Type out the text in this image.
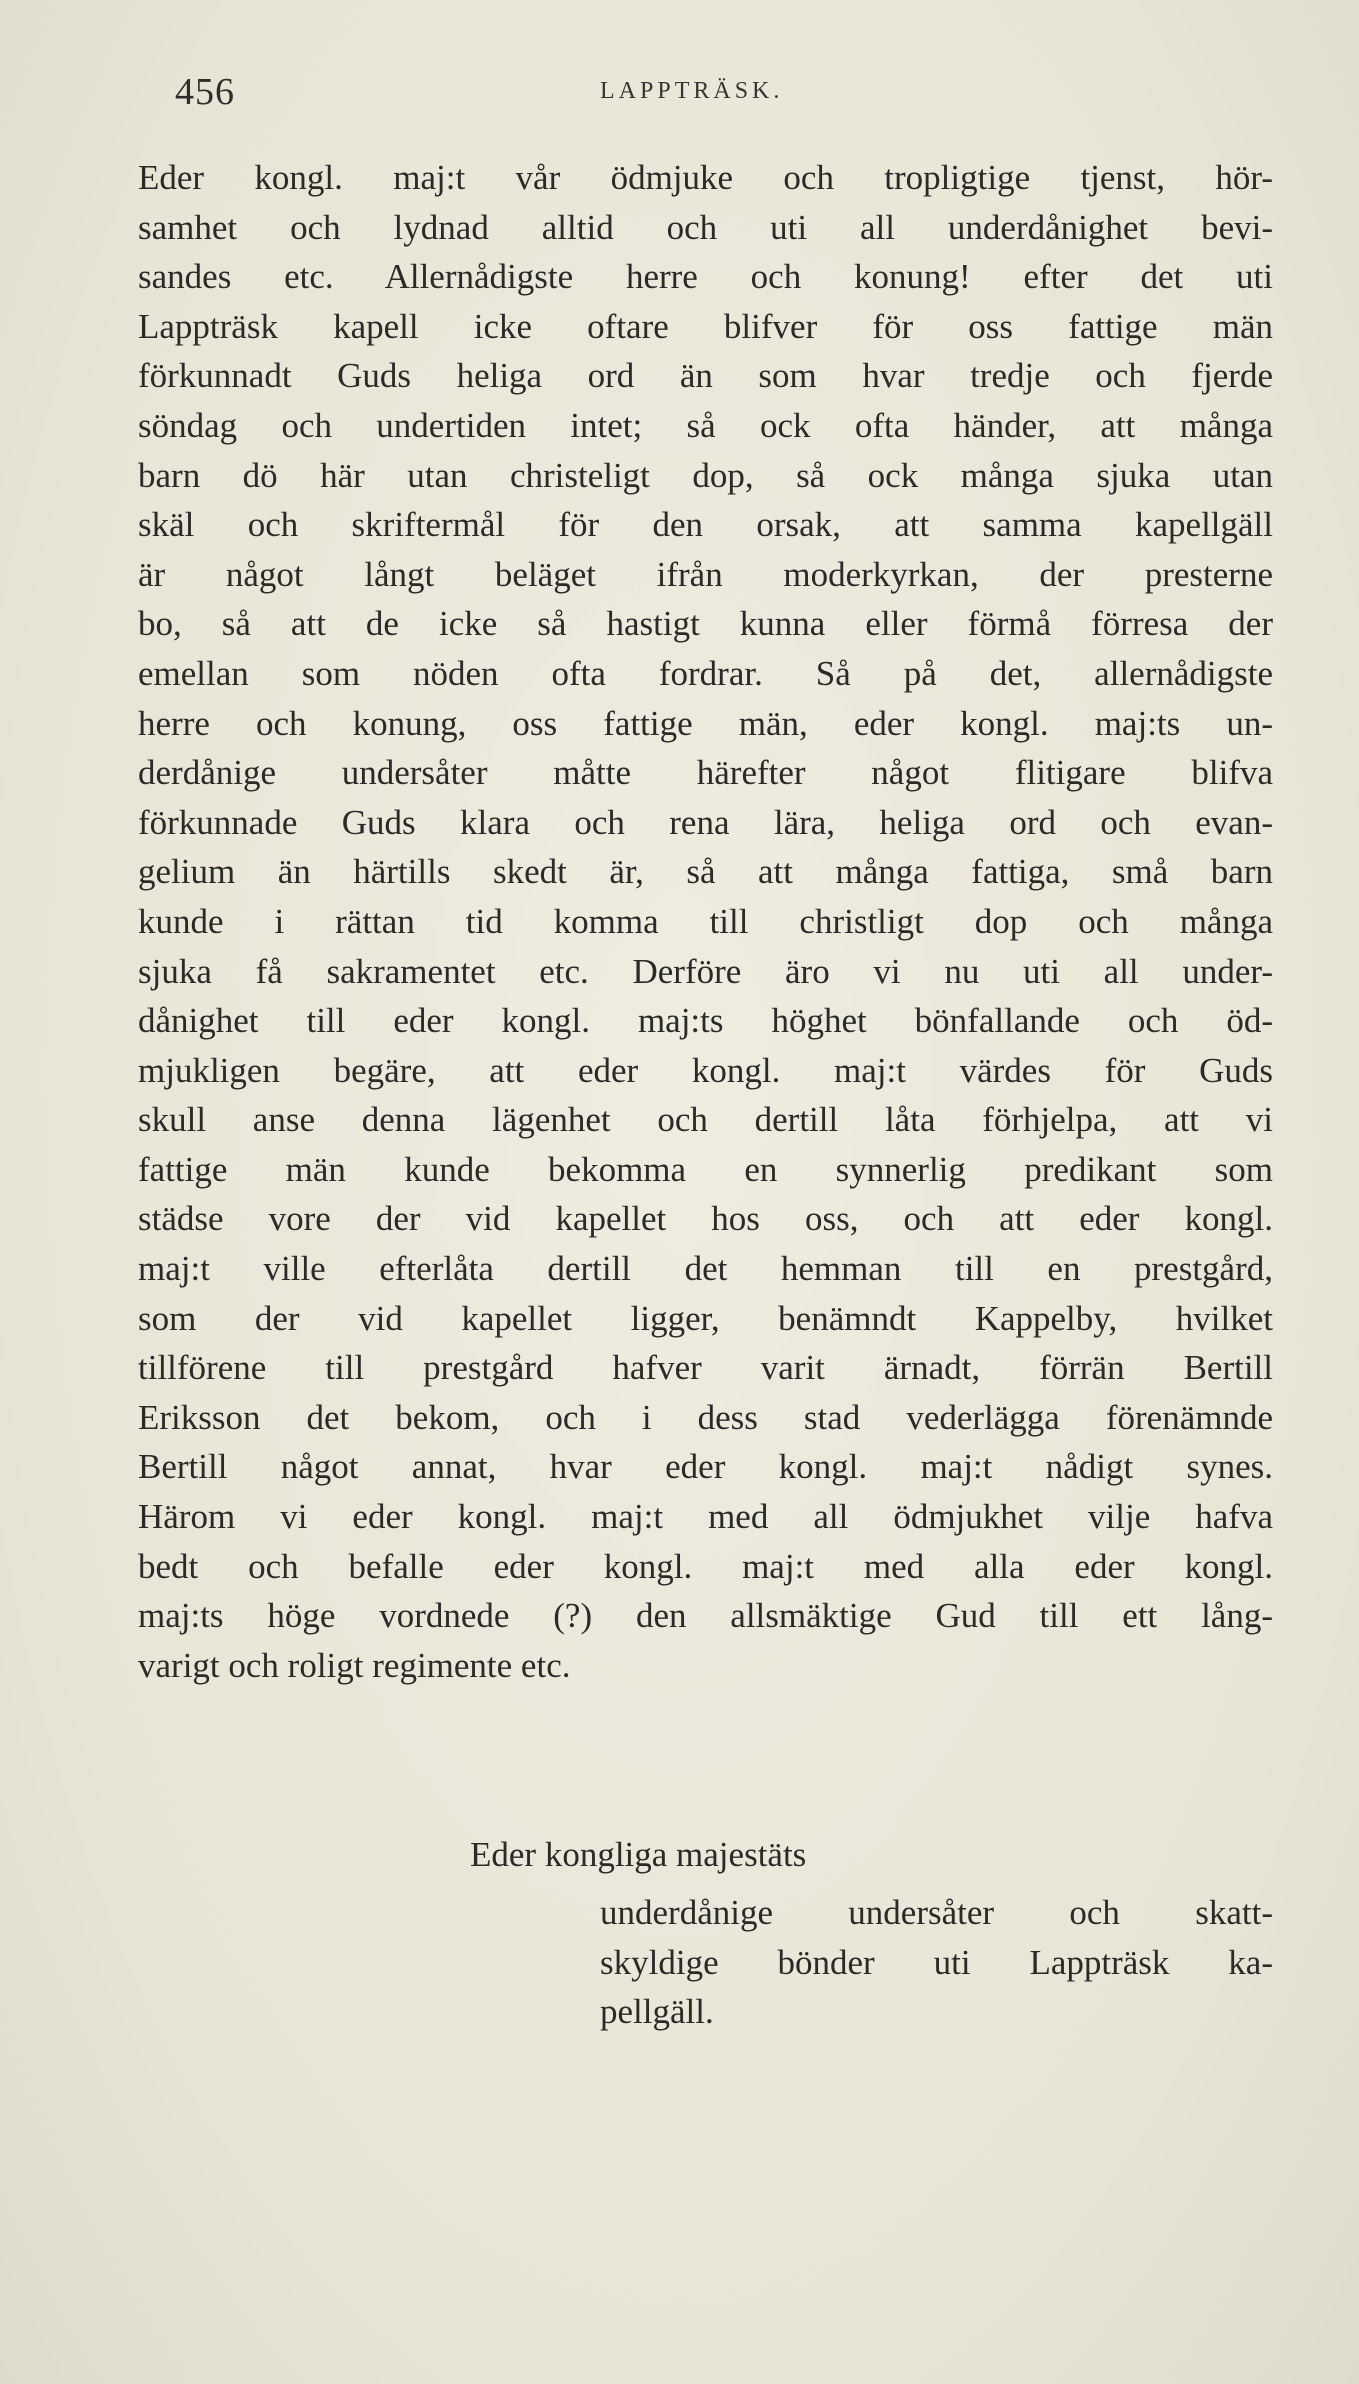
456	LAPPTRÄSK.
Eder kongl. maj:t vår ödmjuke och tropligtige tjenst, hör-
samhet och lydnad alltid och uti all underdånighet bevi-
sandes etc. Allernådigste herre och konung! efter det uti
Lappträsk kapell icke oftare blifver för oss fattige män
förkunnadt Guds heliga ord än som hvar tredje och fjerde
söndag och undertiden intet; så ock ofta händer, att många
barn dö här utan christeligt dop, så ock många sjuka utan
skäl och skriftermål för den orsak, att samma kapellgäll
är något långt beläget ifrån moderkyrkan, der presterne
bo, så att de icke så hastigt kunna eller förmå förresa der
emellan som nöden ofta fordrar. Så på det, allernådigste
herre och konung, oss fattige män, eder kongl. maj:ts un-
derdånige undersåter måtte härefter något flitigare blifva
förkunnade Guds klara och rena lära, heliga ord och evan-
gelium än härtills skedt är, så att många fattiga, små barn
kunde i rättan tid komma till christligt dop och många
sjuka få sakramentet etc. Derföre äro vi nu uti all under-
dånighet till eder kongl. maj:ts höghet bönfallande och öd-
mjukligen begäre, att eder kongl. maj:t värdes för Guds
skull anse denna lägenhet och dertill låta förhjelpa, att vi
fattige män kunde bekomma en synnerlig predikant som
städse vore der vid kapellet hos oss, och att eder kongl.
maj:t ville efterlåta dertill det hemman till en prestgård,
som der vid kapellet ligger, benämndt Kappelby, hvilket
tillförene till prestgård hafver varit ärnadt, förrän Bertill
Eriksson det bekom, och i dess stad vederlägga förenämnde
Bertill något annat, hvar eder kongl. maj:t nådigt synes.
Härom vi eder kongl. maj:t med all ödmjukhet vilje hafva
bedt och befalle eder kongl. maj:t med alla eder kongl.
maj:ts höge vordnede (?) den allsmäktige Gud till ett lång-
varigt och roligt regimente etc.
Eder kongliga majestäts
underdånige undersåter och skatt-
skyldige bönder uti Lappträsk ka-
pellgäll.
